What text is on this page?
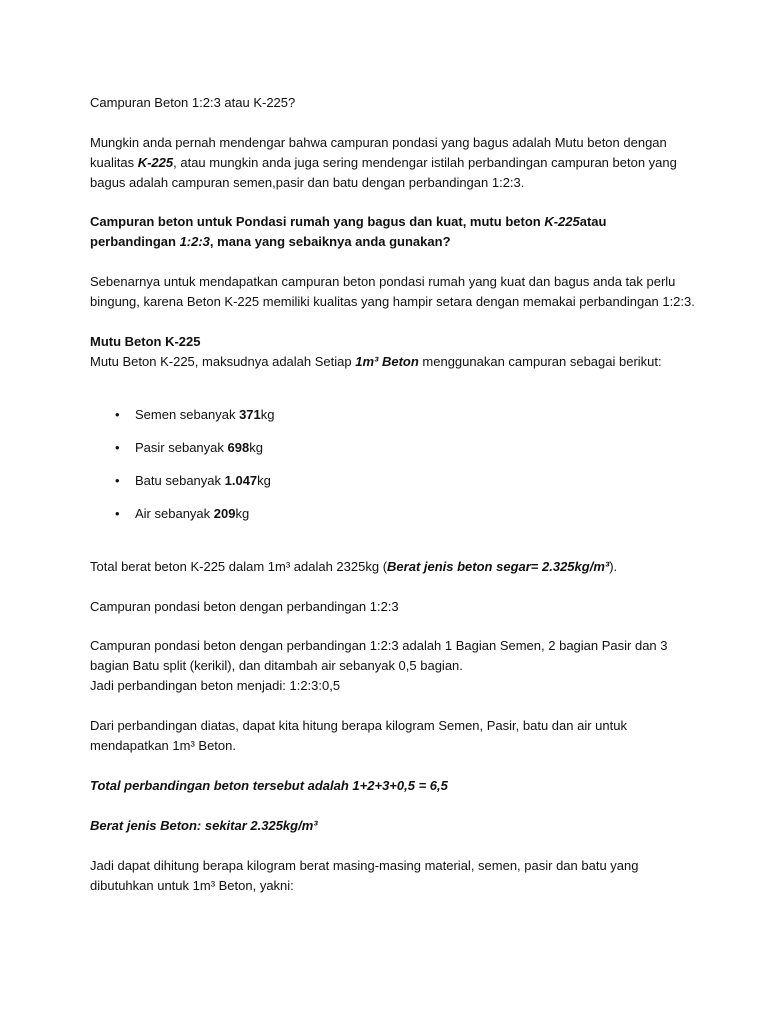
Campuran Beton 1:2:3 atau K-225?
Mungkin anda pernah mendengar bahwa campuran pondasi yang bagus adalah Mutu beton dengan
kualitas K-225, atau mungkin anda juga sering mendengar istilah perbandingan campuran beton yang
bagus adalah campuran semen,pasir dan batu dengan perbandingan 1:2:3.
Campuran beton untuk Pondasi rumah yang bagus dan kuat, mutu beton K-225atau
perbandingan 1:2:3, mana yang sebaiknya anda gunakan?
Sebenarnya untuk mendapatkan campuran beton pondasi rumah yang kuat dan bagus anda tak perlu
bingung, karena Beton K-225 memiliki kualitas yang hampir setara dengan memakai perbandingan 1:2:3.
Mutu Beton K-225
Mutu Beton K-225, maksudnya adalah Setiap 1m³ Beton menggunakan campuran sebagai berikut:
• Semen sebanyak 371kg
• Pasir sebanyak 698kg
• Batu sebanyak 1.047kg
• Air sebanyak 209kg
Total berat beton K-225 dalam 1m³ adalah 2325kg (Berat jenis beton segar= 2.325kg/m³).
Campuran pondasi beton dengan perbandingan 1:2:3
Campuran pondasi beton dengan perbandingan 1:2:3 adalah 1 Bagian Semen, 2 bagian Pasir dan 3
bagian Batu split (kerikil), dan ditambah air sebanyak 0,5 bagian.
Jadi perbandingan beton menjadi: 1:2:3:0,5
Dari perbandingan diatas, dapat kita hitung berapa kilogram Semen, Pasir, batu dan air untuk
mendapatkan 1m³ Beton.
Total perbandingan beton tersebut adalah 1+2+3+0,5 = 6,5
Berat jenis Beton: sekitar 2.325kg/m³
Jadi dapat dihitung berapa kilogram berat masing-masing material, semen, pasir dan batu yang
dibutuhkan untuk 1m³ Beton, yakni:
